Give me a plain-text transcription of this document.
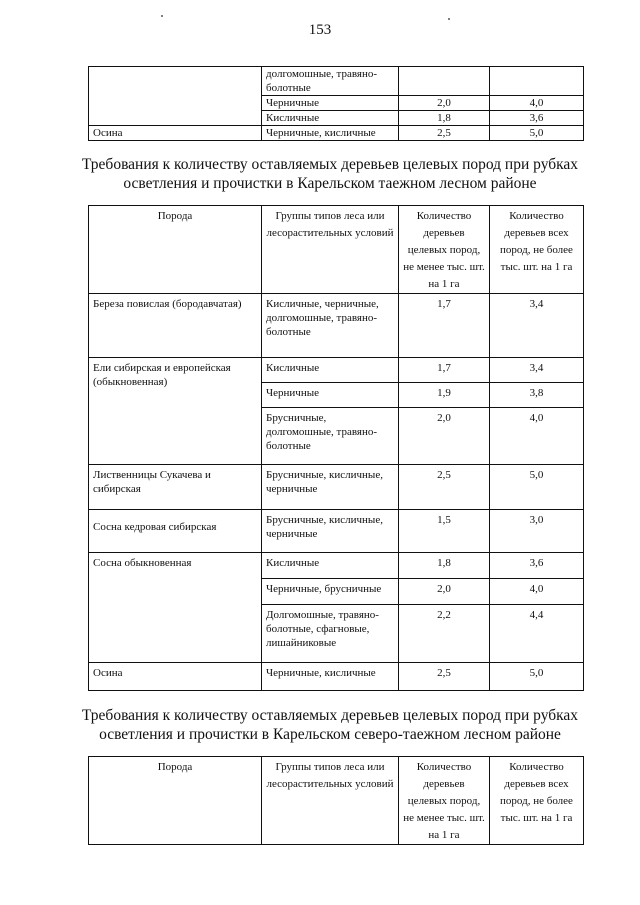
153
	долгомошные, травяно-болотные		
	Черничные	2,0	4,0
	Кисличные	1,8	3,6
Осина	Черничные, кисличные	2,5	5,0
Требования к количеству оставляемых деревьев целевых пород при рубках осветления и прочистки в Карельском таежном лесном районе
Порода	Группы типов леса или лесорастительных условий	Количество деревьев целевых пород, не менее тыс. шт. на 1 га	Количество деревьев всех пород, не более тыс. шт. на 1 га
Береза повислая (бородавчатая)	Кисличные, черничные, долгомошные, травяно-болотные	1,7	3,4
Ели сибирская и европейская (обыкновенная)	Кисличные	1,7	3,4
	Черничные	1,9	3,8
	Брусничные, долгомошные, травяно-болотные	2,0	4,0
Лиственницы Сукачева и сибирская	Брусничные, кисличные, черничные	2,5	5,0
Сосна кедровая сибирская	Брусничные, кисличные, черничные	1,5	3,0
Сосна обыкновенная	Кисличные	1,8	3,6
	Черничные, брусничные	2,0	4,0
	Долгомошные, травяно-болотные, сфагновые, лишайниковые	2,2	4,4
Осина	Черничные, кисличные	2,5	5,0
Требования к количеству оставляемых деревьев целевых пород при рубках осветления и прочистки в Карельском северо-таежном лесном районе
Порода	Группы типов леса или лесорастительных условий	Количество деревьев целевых пород, не менее тыс. шт. на 1 га	Количество деревьев всех пород, не более тыс. шт. на 1 га
